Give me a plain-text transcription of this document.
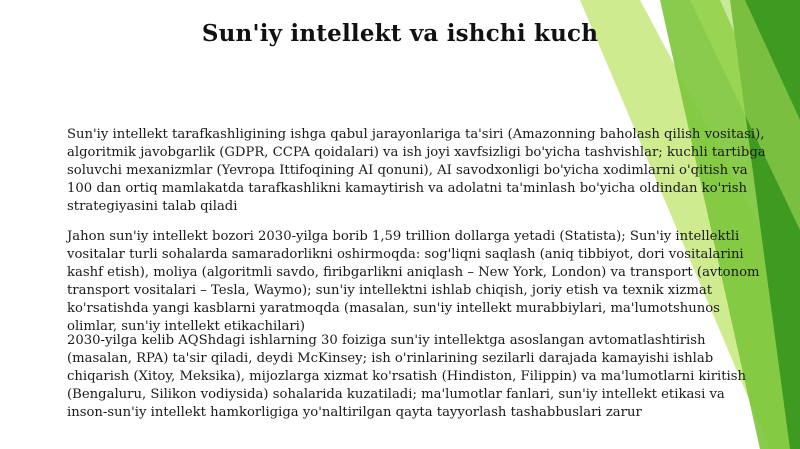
Sun'iy intellekt va ishchi kuch

Sun'iy intellekt tarafkashligining ishga qabul jarayonlariga ta'siri (Amazonning baholash qilish vositasi), algoritmik javobgarlik (GDPR, CCPA qoidalari) va ish joyi xavfsizligi bo'yicha tashvishlar; kuchli tartibga soluvchi mexanizmlar (Yevropa Ittifoqining AI qonuni), AI savodxonligi bo'yicha xodimlarni o'qitish va 100 dan ortiq mamlakatda tarafkashlikni kamaytirish va adolatni ta'minlash bo'yicha oldindan ko'rish strategiyasini talab qiladi

Jahon sun'iy intellekt bozori 2030-yilga borib 1,59 trillion dollarga yetadi (Statista); Sun'iy intellektli vositalar turli sohalarda samaradorlikni oshirmoqda: sog'liqni saqlash (aniq tibbiyot, dori vositalarini kashf etish), moliya (algoritmli savdo, firibgarlikni aniqlash – New York, London) va transport (avtonom transport vositalari – Tesla, Waymo); sun'iy intellektni ishlab chiqish, joriy etish va texnik xizmat ko'rsatishda yangi kasblarni yaratmoqda (masalan, sun'iy intellekt murabbiylari, ma'lumotshunos olimlar, sun'iy intellekt etikachilari)

2030-yilga kelib AQShdagi ishlarning 30 foiziga sun'iy intellektga asoslangan avtomatlashtirish (masalan, RPA) ta'sir qiladi, deydi McKinsey; ish o'rinlarining sezilarli darajada kamayishi ishlab chiqarish (Xitoy, Meksika), mijozlarga xizmat ko'rsatish (Hindiston, Filippin) va ma'lumotlarni kiritish (Bengaluru, Silikon vodiysida) sohalarida kuzatiladi; ma'lumotlar fanlari, sun'iy intellekt etikasi va inson-sun'iy intellekt hamkorligiga yo'naltirilgan qayta tayyorlash tashabbuslari zarur
